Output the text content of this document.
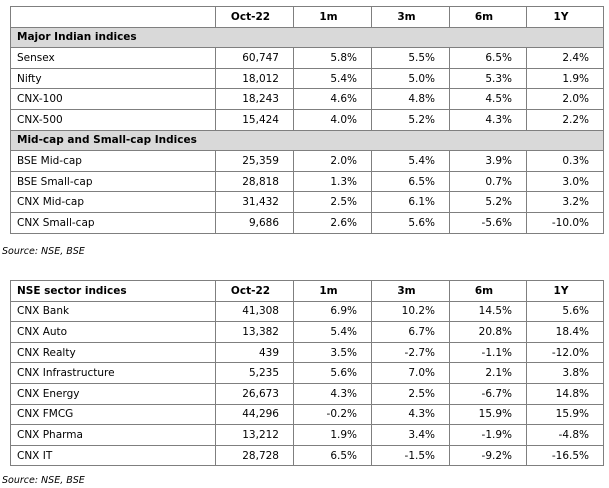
	Oct-22	1m	3m	6m	1Y
Major Indian indices					
Sensex	60,747	5.8%	5.5%	6.5%	2.4%
Nifty	18,012	5.4%	5.0%	5.3%	1.9%
CNX-100	18,243	4.6%	4.8%	4.5%	2.0%
CNX-500	15,424	4.0%	5.2%	4.3%	2.2%
Mid-cap and Small-cap Indices					
BSE Mid-cap	25,359	2.0%	5.4%	3.9%	0.3%
BSE Small-cap	28,818	1.3%	6.5%	0.7%	3.0%
CNX Mid-cap	31,432	2.5%	6.1%	5.2%	3.2%
CNX Small-cap	9,686	2.6%	5.6%	-5.6%	-10.0%
Source: NSE, BSE
NSE sector indices	Oct-22	1m	3m	6m	1Y
CNX Bank	41,308	6.9%	10.2%	14.5%	5.6%
CNX Auto	13,382	5.4%	6.7%	20.8%	18.4%
CNX Realty	439	3.5%	-2.7%	-1.1%	-12.0%
CNX Infrastructure	5,235	5.6%	7.0%	2.1%	3.8%
CNX Energy	26,673	4.3%	2.5%	-6.7%	14.8%
CNX FMCG	44,296	-0.2%	4.3%	15.9%	15.9%
CNX Pharma	13,212	1.9%	3.4%	-1.9%	-4.8%
CNX IT	28,728	6.5%	-1.5%	-9.2%	-16.5%
Source: NSE, BSE
